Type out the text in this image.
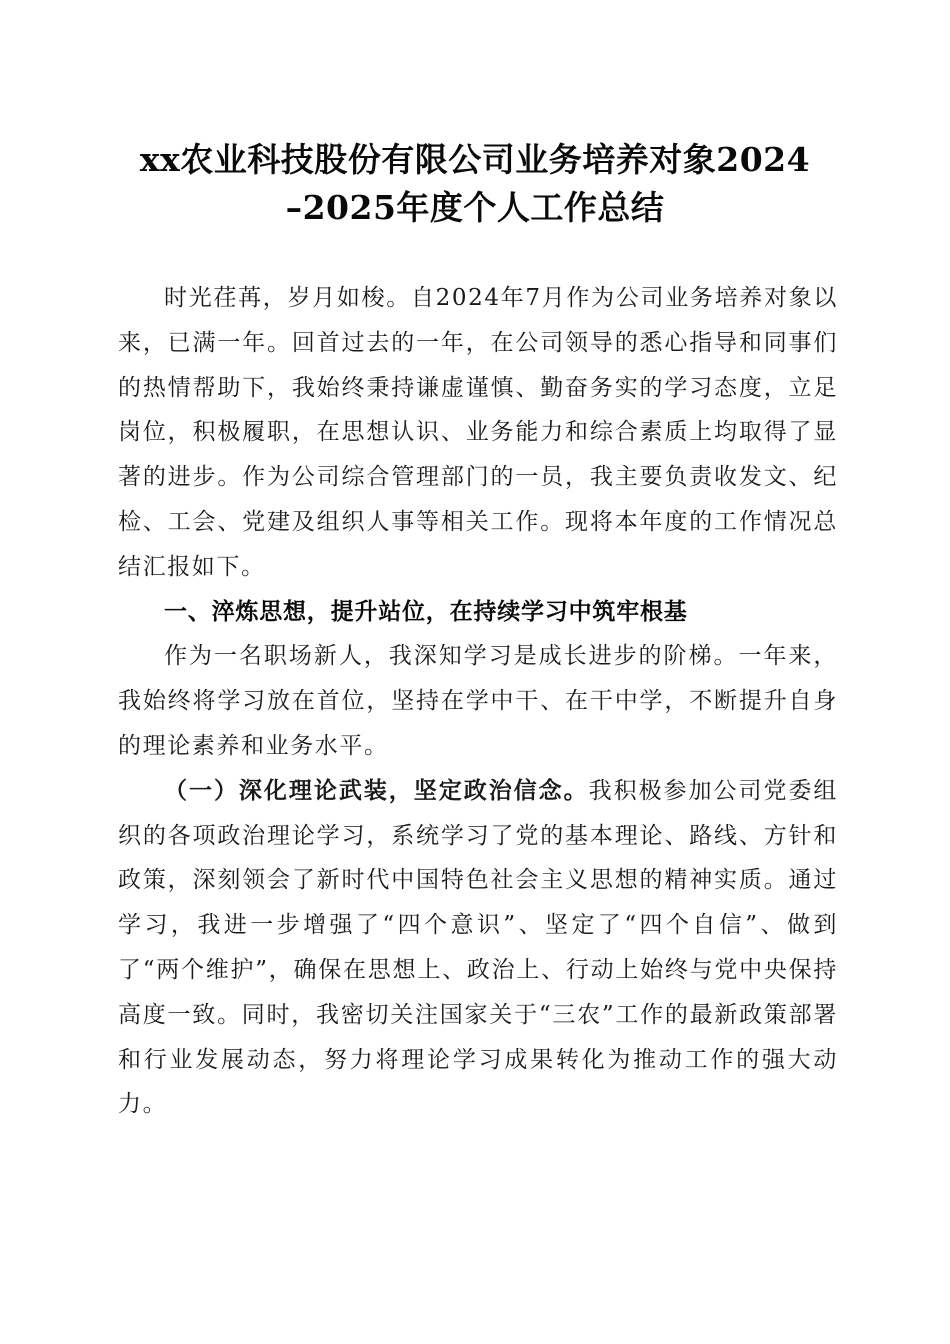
xx农业科技股份有限公司业务培养对象2024
–2025年度个人工作总结

时光荏苒，岁月如梭。自2024年7月作为公司业务培养对象以来，已满一年。回首过去的一年，在公司领导的悉心指导和同事们的热情帮助下，我始终秉持谦虚谨慎、勤奋务实的学习态度，立足岗位，积极履职，在思想认识、业务能力和综合素质上均取得了显著的进步。作为公司综合管理部门的一员，我主要负责收发文、纪检、工会、党建及组织人事等相关工作。现将本年度的工作情况总结汇报如下。

一、淬炼思想，提升站位，在持续学习中筑牢根基

作为一名职场新人，我深知学习是成长进步的阶梯。一年来，我始终将学习放在首位，坚持在学中干、在干中学，不断提升自身的理论素养和业务水平。

（一）深化理论武装，坚定政治信念。我积极参加公司党委组织的各项政治理论学习，系统学习了党的基本理论、路线、方针和政策，深刻领会了新时代中国特色社会主义思想的精神实质。通过学习，我进一步增强了“四个意识”、坚定了“四个自信”、做到了“两个维护”，确保在思想上、政治上、行动上始终与党中央保持高度一致。同时，我密切关注国家关于“三农”工作的最新政策部署和行业发展动态，努力将理论学习成果转化为推动工作的强大动力。
